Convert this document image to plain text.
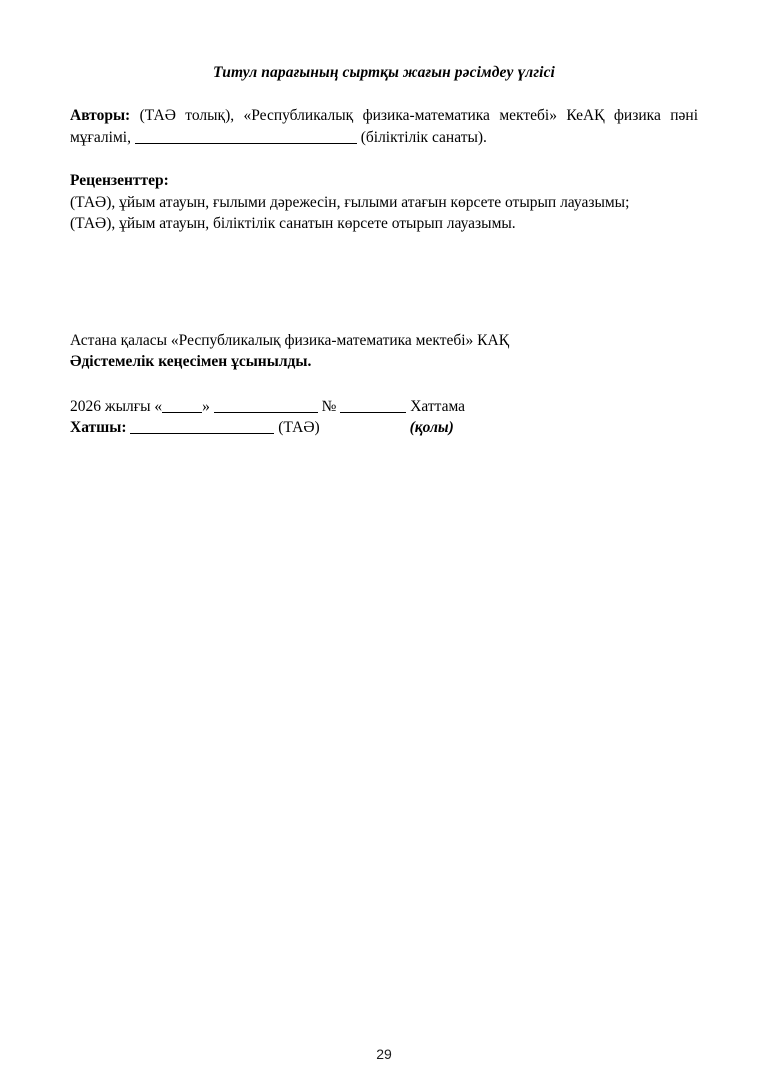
Титул парағының сыртқы жағын рәсімдеу үлгісі

Авторы: (ТАӘ толық), «Республикалық физика-математика мектебі» КеАҚ физика пәні мұғалімі,	(біліктілік санаты).

Рецензенттер:

(ТАӘ), ұйым атауын, ғылыми дәрежесін, ғылыми атағын көрсете отырып лауазымы;

(ТАӘ), ұйым атауын, біліктілік санатын көрсете отырып лауазымы.

Астана қаласы «Республикалық физика-математика мектебі» КАҚ

Әдістемелік кеңесімен ұсынылды.

2026 жылғы «	»	№	Хаттама

Хатшы:	(ТАӘ)	(қолы)

29
